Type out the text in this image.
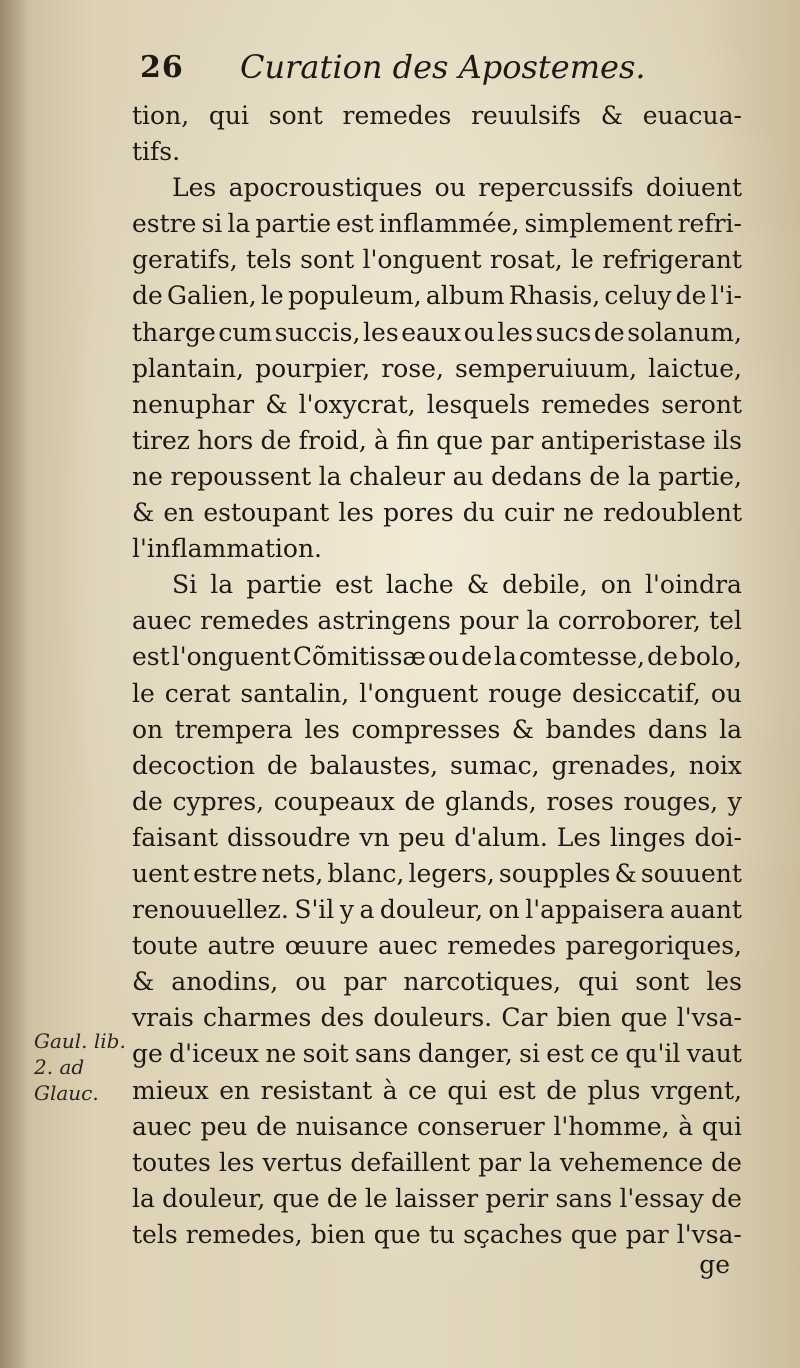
26 Curation des Apostemes.
tion, qui sont remedes reuulsifs & euacua-
tifs.
Les apocroustiques ou repercussifs doiuent
estre si la partie est inflammée, simplement refri-
geratifs, tels sont l'onguent rosat, le refrigerant
de Galien, le populeum, album Rhasis, celuy de l'i-
tharge cum succis, les eaux ou les sucs de solanum,
plantain, pourpier, rose, semperuiuum, laictue,
nenuphar & l'oxycrat, lesquels remedes seront
tirez hors de froid, à fin que par antiperistase ils
ne repoussent la chaleur au dedans de la partie,
& en estoupant les pores du cuir ne redoublent
l'inflammation.
Si la partie est lache & debile, on l'oindra
auec remedes astringens pour la corroborer, tel
est l'onguent Cõmitissæ ou de la comtesse, de bolo,
le cerat santalin, l'onguent rouge desiccatif, ou
on trempera les compresses & bandes dans la
decoction de balaustes, sumac, grenades, noix
de cypres, coupeaux de glands, roses rouges, y
faisant dissoudre vn peu d'alum. Les linges doi-
uent estre nets, blanc, legers, soupples & souuent
renouuellez. S'il y a douleur, on l'appaisera auant
toute autre œuure auec remedes paregoriques,
& anodins, ou par narcotiques, qui sont les
vrais charmes des douleurs. Car bien que l'vsa-
ge d'iceux ne soit sans danger, si est ce qu'il vaut
mieux en resistant à ce qui est de plus vrgent,
auec peu de nuisance conseruer l'homme, à qui
toutes les vertus defaillent par la vehemence de
la douleur, que de le laisser perir sans l'essay de
tels remedes, bien que tu sçaches que par l'vsa-
Gaul. lib.
2. ad
Glauc.
ge
